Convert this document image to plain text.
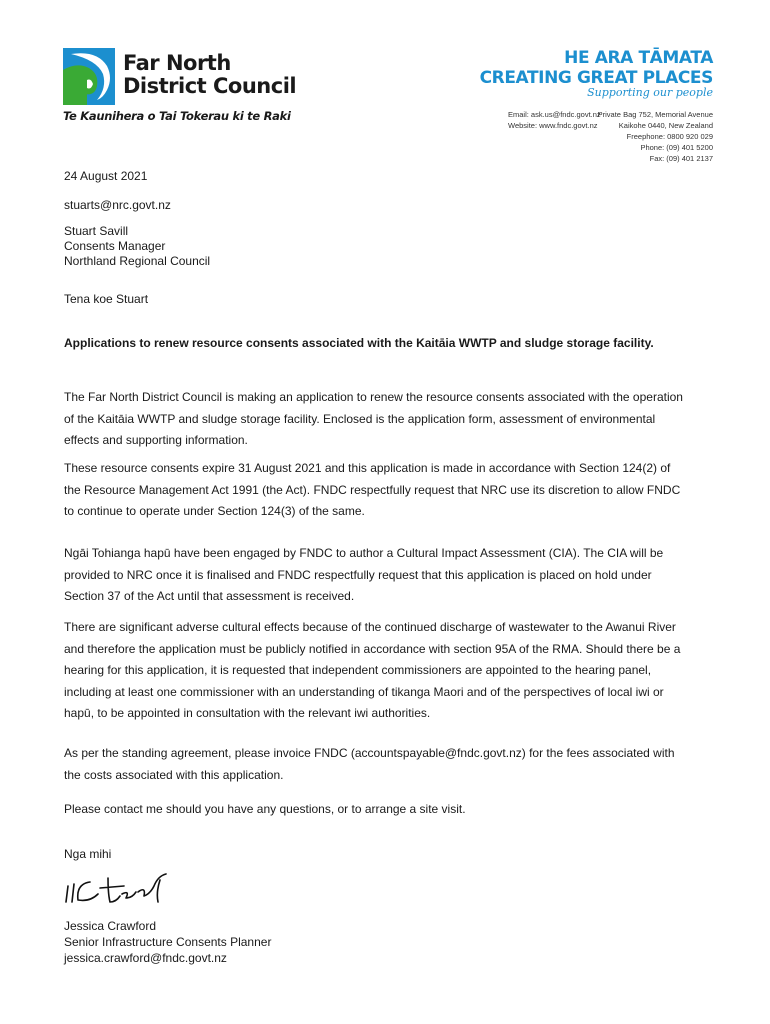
Far North
District Council
Te Kaunihera o Tai Tokerau ki te Raki
HE ARA TĀMATA
CREATING GREAT PLACES
Supporting our people
Email: ask.us@fndc.govt.nz
Website: www.fndc.govt.nz
Private Bag 752, Memorial Avenue
Kaikohe 0440, New Zealand
Freephone: 0800 920 029
Phone: (09) 401 5200
Fax: (09) 401 2137
24 August 2021
stuarts@nrc.govt.nz
Stuart Savill
Consents Manager
Northland Regional Council
Tena koe Stuart

Applications to renew resource consents associated with the Kaitāia WWTP and sludge storage facility.

The Far North District Council is making an application to renew the resource consents associated with the operation of the Kaitāia WWTP and sludge storage facility. Enclosed is the application form, assessment of environmental effects and supporting information.

These resource consents expire 31 August 2021 and this application is made in accordance with Section 124(2) of the Resource Management Act 1991 (the Act). FNDC respectfully request that NRC use its discretion to allow FNDC to continue to operate under Section 124(3) of the same.

Ngāi Tohianga hapū have been engaged by FNDC to author a Cultural Impact Assessment (CIA). The CIA will be provided to NRC once it is finalised and FNDC respectfully request that this application is placed on hold under Section 37 of the Act until that assessment is received.

There are significant adverse cultural effects because of the continued discharge of wastewater to the Awanui River and therefore the application must be publicly notified in accordance with section 95A of the RMA. Should there be a hearing for this application, it is requested that independent commissioners are appointed to the hearing panel, including at least one commissioner with an understanding of tikanga Maori and of the perspectives of local iwi or hapū, to be appointed in consultation with the relevant iwi authorities.

As per the standing agreement, please invoice FNDC (accountspayable@fndc.govt.nz) for the fees associated with the costs associated with this application.

Please contact me should you have any questions, or to arrange a site visit.

Nga mihi
Jessica Crawford
Senior Infrastructure Consents Planner
jessica.crawford@fndc.govt.nz
